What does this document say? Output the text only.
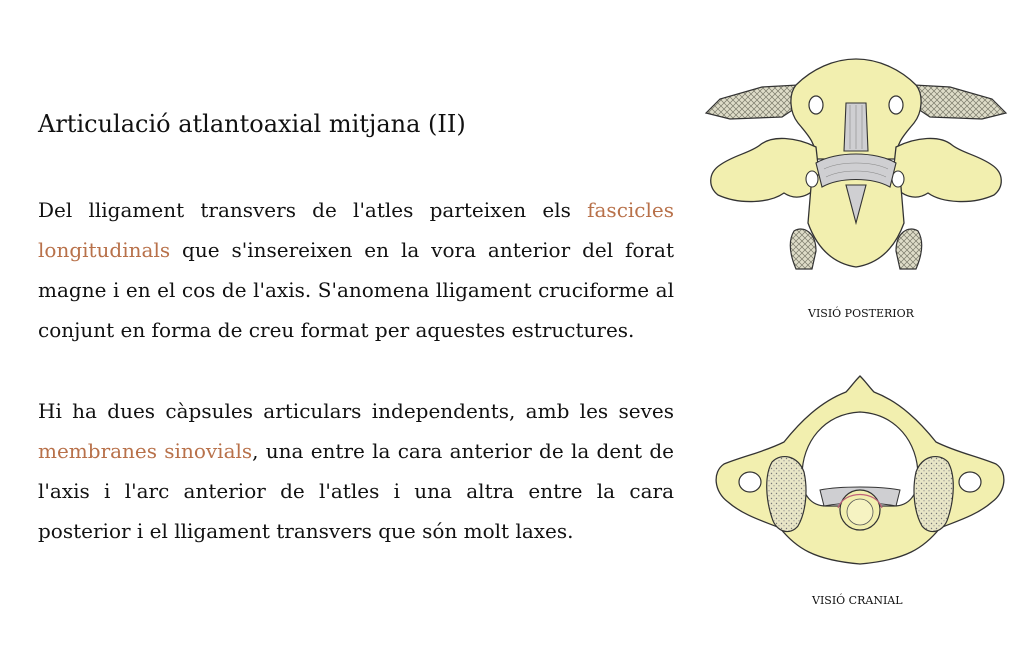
Articulació atlantoaxial mitjana (II)

Del lligament transvers de l'atles parteixen els fascicles longitudinals que s'insereixen en la vora anterior del forat magne i en el cos de l'axis. S'anomena lligament cruciforme al conjunt en forma de creu format per aquestes estructures.

Hi ha dues càpsules articulars independents, amb les seves membranes sinovials, una entre la cara anterior de la dent de l'axis i l'arc anterior de l'atles i una altra entre la cara posterior i el lligament transvers que són molt laxes.

VISIÓ POSTERIOR
VISIÓ CRANIAL
